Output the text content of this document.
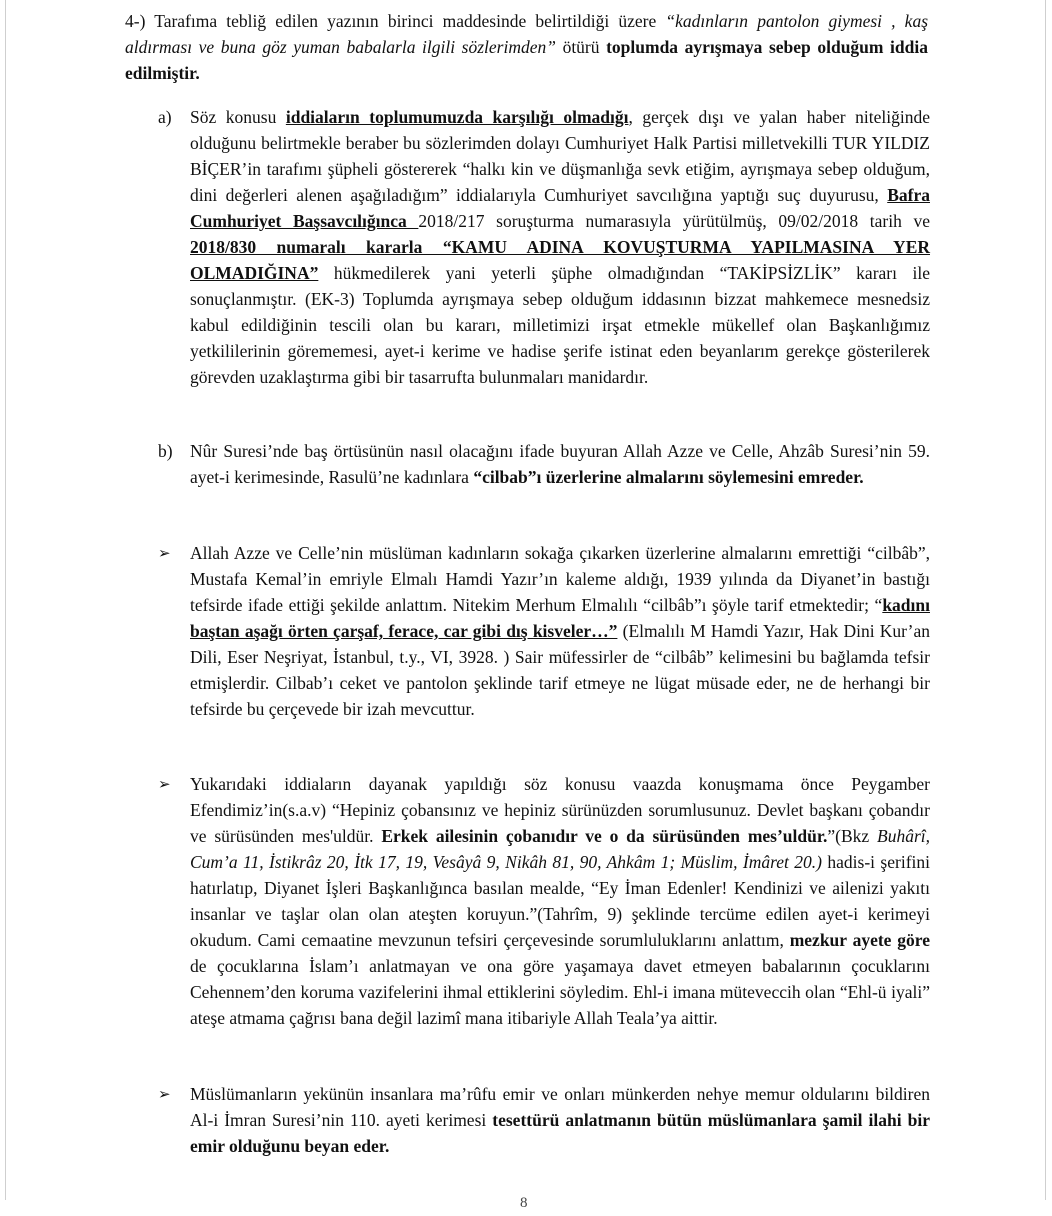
4-) Tarafıma tebliğ edilen yazının birinci maddesinde belirtildiği üzere “kadınların pantolon giymesi , kaş aldırması ve buna göz yuman babalarla ilgili sözlerimden” ötürü toplumda ayrışmaya sebep olduğum iddia edilmiştir.
a)	Söz konusu iddiaların toplumumuzda karşılığı olmadığı, gerçek dışı ve yalan haber niteliğinde olduğunu belirtmekle beraber bu sözlerimden dolayı Cumhuriyet Halk Partisi milletvekilli TUR YILDIZ BİÇER’in tarafımı şüpheli göstererek “halkı kin ve düşmanlığa sevk etiğim, ayrışmaya sebep olduğum, dini değerleri alenen aşağıladığım” iddialarıyla Cumhuriyet savcılığına yaptığı suç duyurusu, Bafra Cumhuriyet Başsavcılığınca 2018/217 soruşturma numarasıyla yürütülmüş, 09/02/2018 tarih ve 2018/830 numaralı kararla “KAMU ADINA KOVUŞTURMA YAPILMASINA YER OLMADIĞINA” hükmedilerek yani yeterli şüphe olmadığından “TAKİPSİZLİK” kararı ile sonuçlanmıştır. (EK-3) Toplumda ayrışmaya sebep olduğum iddasının bizzat mahkemece mesnedsiz kabul edildiğinin tescili olan bu kararı, milletimizi irşat etmekle mükellef olan Başkanlığımız yetkililerinin görememesi, ayet-i kerime ve hadise şerife istinat eden beyanlarım gerekçe gösterilerek görevden uzaklaştırma gibi bir tasarrufta bulunmaları manidardır.
b) Nûr Suresi’nde baş örtüsünün nasıl olacağını ifade buyuran Allah Azze ve Celle, Ahzâb Suresi’nin 59. ayet-i kerimesinde, Rasulü’ne kadınlara “cilbab”ı üzerlerine almalarını söylemesini emreder.
➢	Allah Azze ve Celle’nin müslüman kadınların sokağa çıkarken üzerlerine almalarını emrettiği “cilbâb”, Mustafa Kemal’in emriyle Elmalı Hamdi Yazır’ın kaleme aldığı, 1939 yılında da Diyanet’in bastığı tefsirde ifade ettiği şekilde anlattım. Nitekim Merhum Elmalılı “cilbâb”ı şöyle tarif etmektedir; “kadını baştan aşağı örten çarşaf, ferace, car gibi dış kisveler…” (Elmalılı M Hamdi Yazır, Hak Dini Kur’an Dili, Eser Neşriyat, İstanbul, t.y., VI, 3928. ) Sair müfessirler de “cilbâb” kelimesini bu bağlamda tefsir etmişlerdir. Cilbab’ı ceket ve pantolon şeklinde tarif etmeye ne lügat müsade eder, ne de herhangi bir tefsirde bu çerçevede bir izah mevcuttur.
➢	Yukarıdaki iddiaların dayanak yapıldığı söz konusu vaazda konuşmama önce Peygamber Efendimiz’in(s.a.v) “Hepiniz çobansınız ve hepiniz sürünüzden sorumlusunuz. Devlet başkanı çobandır ve sürüsünden mes'uldür. Erkek ailesinin çobanıdır ve o da sürüsünden mes’uldür.”(Bkz Buhârî, Cum’a 11, İstikrâz 20, İtk 17, 19, Vesâyâ 9, Nikâh 81, 90, Ahkâm 1; Müslim, İmâret 20.) hadis-i şerifini hatırlatıp, Diyanet İşleri Başkanlığınca basılan mealde, “Ey İman Edenler! Kendinizi ve ailenizi yakıtı insanlar ve taşlar olan olan ateşten koruyun.”(Tahrîm, 9) şeklinde tercüme edilen ayet-i kerimeyi okudum. Cami cemaatine mevzunun tefsiri çerçevesinde sorumluluklarını anlattım, mezkur ayete göre de çocuklarına İslam’ı anlatmayan ve ona göre yaşamaya davet etmeyen babalarının çocuklarını Cehennem’den koruma vazifelerini ihmal ettiklerini söyledim. Ehl-i imana müteveccih olan “Ehl-ü iyali” ateşe atmama çağrısı bana değil lazimî mana itibariyle Allah Teala’ya aittir.
➢	Müslümanların yekünün insanlara ma’rûfu emir ve onları münkerden nehye memur oldularını bildiren Al-i İmran Suresi’nin 110. ayeti kerimesi tesettürü anlatmanın bütün müslümanlara şamil ilahi bir emir olduğunu beyan eder.
8
